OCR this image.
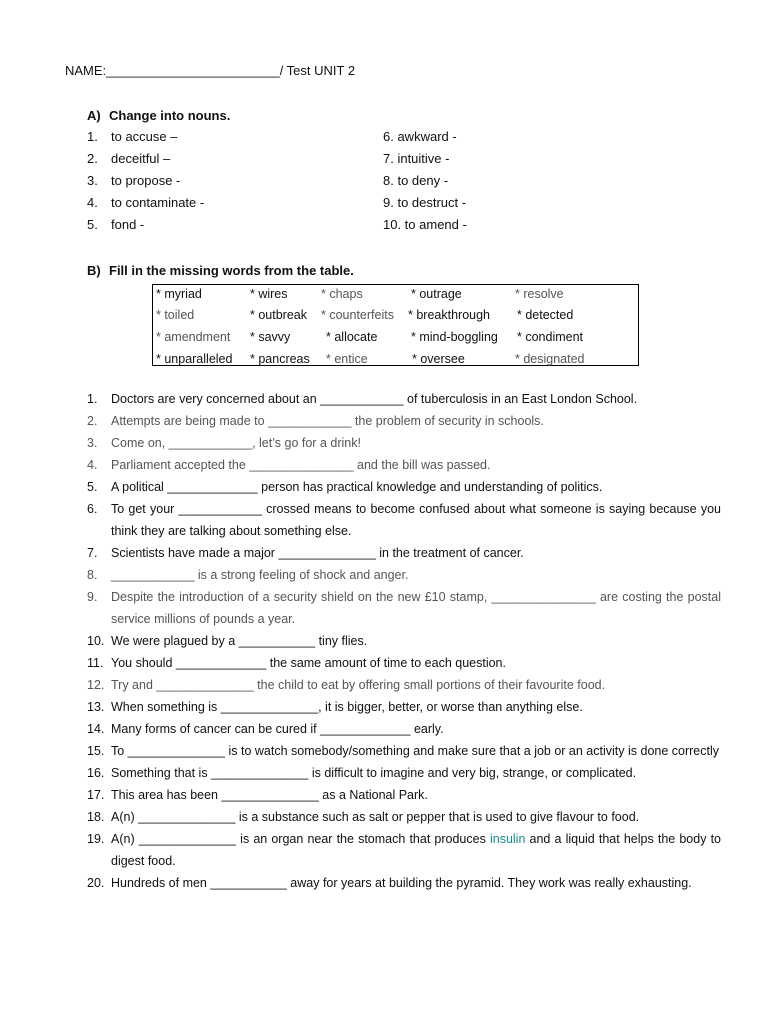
NAME:________________________/ Test UNIT 2
A) Change into nouns.
1. to accuse –	6. awkward -
2. deceitful –	7. intuitive -
3. to propose -	8. to deny -
4. to contaminate -	9. to destruct -
5. fond -	10. to amend -
B) Fill in the missing words from the table.
* myriad	* wires	* chaps	* outrage	* resolve
* toiled	* outbreak * counterfeits * breakthrough * detected
* amendment * savvy	* allocate	* mind-boggling * condiment
* unparalleled * pancreas * entice	* oversee	* designated
1. Doctors are very concerned about an ____________ of tuberculosis in an East London School.
2. Attempts are being made to ____________ the problem of security in schools.
3. Come on, ____________, let’s go for a drink!
4. Parliament accepted the _______________ and the bill was passed.
5. A political _____________ person has practical knowledge and understanding of politics.
6. To get your ____________ crossed means to become confused about what someone is saying because you think they are talking about something else.
7. Scientists have made a major ______________ in the treatment of cancer.
8. ____________ is a strong feeling of shock and anger.
9. Despite the introduction of a security shield on the new £10 stamp, _______________ are costing the postal service millions of pounds a year.
10. We were plagued by a ___________ tiny flies.
11. You should _____________ the same amount of time to each question.
12. Try and ______________ the child to eat by offering small portions of their favourite food.
13. When something is ______________, it is bigger, better, or worse than anything else.
14. Many forms of cancer can be cured if _____________ early.
15. To ______________ is to watch somebody/something and make sure that a job or an activity is done correctly
16. Something that is ______________ is difficult to imagine and very big, strange, or complicated.
17. This area has been ______________ as a National Park.
18. A(n) ______________ is a substance such as salt or pepper that is used to give flavour to food.
19. A(n) ______________ is an organ near the stomach that produces insulin and a liquid that helps the body to digest food.
20. Hundreds of men ___________ away for years at building the pyramid. They work was really exhausting.
